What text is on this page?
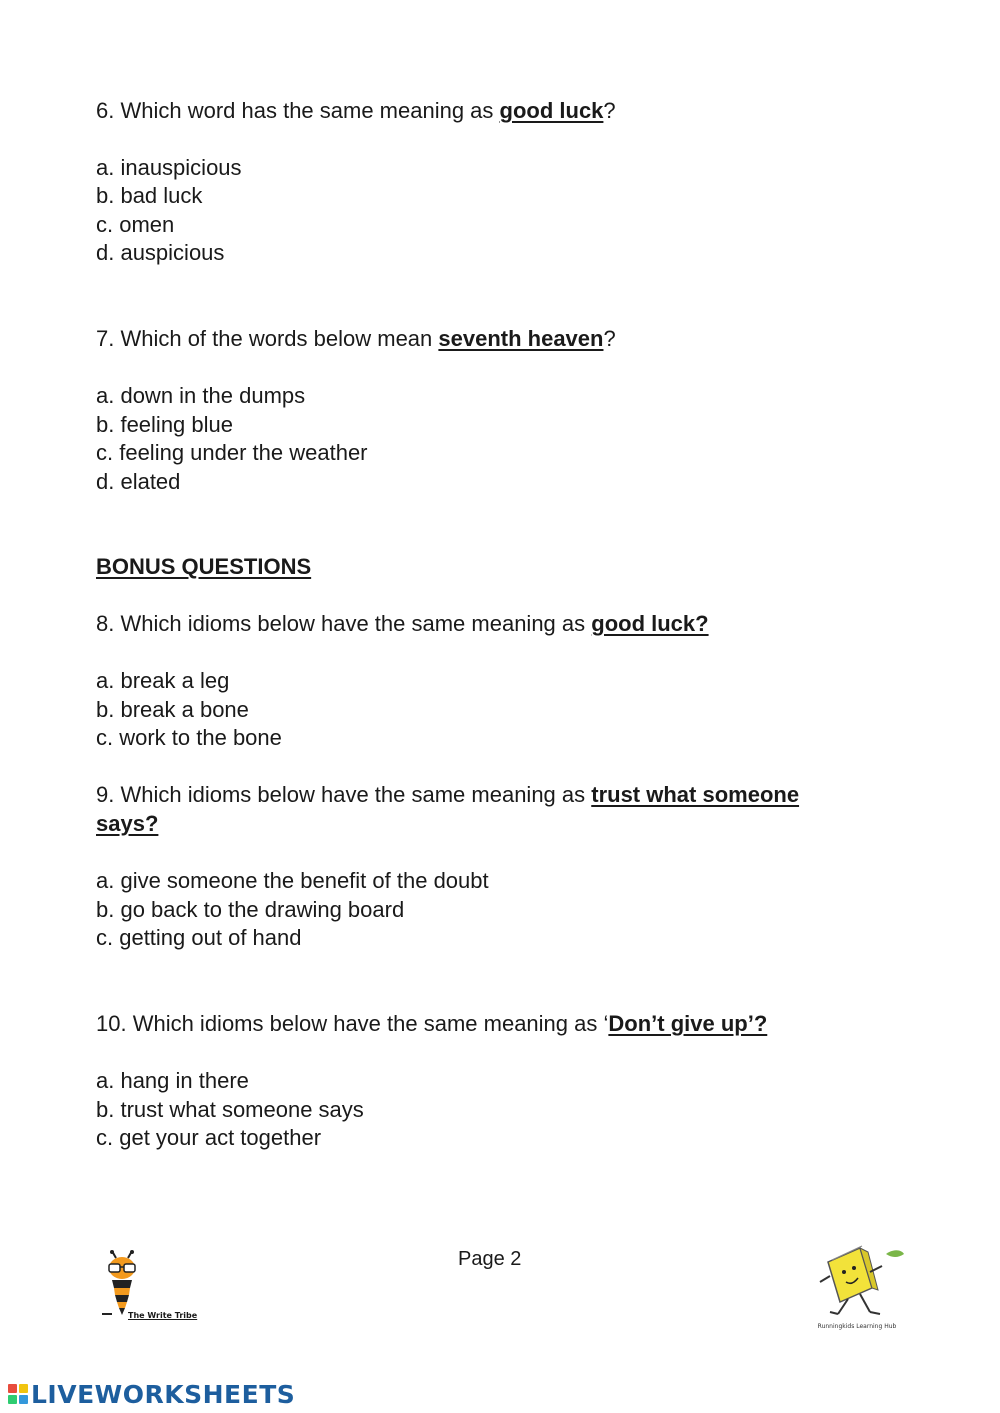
6. Which word has the same meaning as good luck?

a. inauspicious

b. bad luck

c. omen

d. auspicious

7. Which of the words below mean seventh heaven?

a. down in the dumps

b. feeling blue

c. feeling under the weather

d. elated

BONUS QUESTIONS

8. Which idioms below have the same meaning as good luck?

a. break a leg

b. break a bone

c. work to the bone

9. Which idioms below have the same meaning as trust what someone

says?

a. give someone the benefit of the doubt

b. go back to the drawing board

c. getting out of hand

10. Which idioms below have the same meaning as ‘Don’t give up’?

a. hang in there

b. trust what someone says

c. get your act together

Page 2
The Write Tribe
Runningkids Learning Hub
LIVEWORKSHEETS
